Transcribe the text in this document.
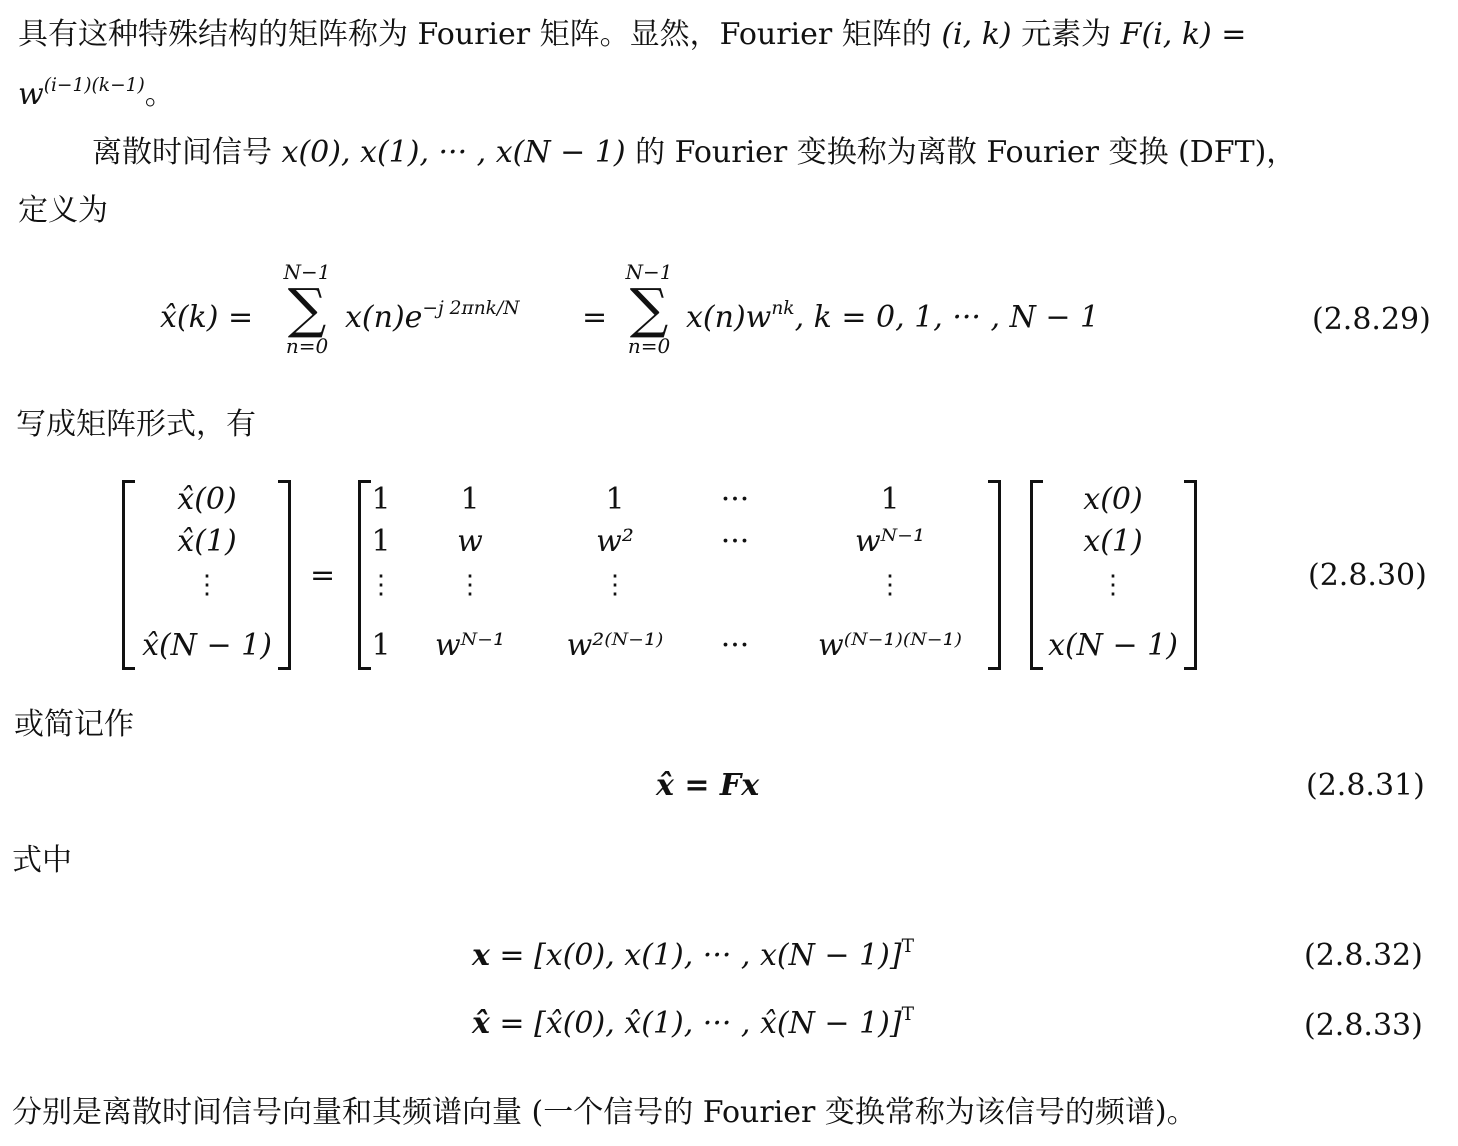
具有这种特殊结构的矩阵称为 Fourier 矩阵。显然，Fourier 矩阵的 (i, k) 元素为 F(i, k) =
$w^{(i-1)(k-1)}$。
离散时间信号 x(0), x(1), ··· , x(N − 1) 的 Fourier 变换称为离散 Fourier 变换 (DFT)，
定义为
x̂(k) =
N−1
∑
n=0
$x(n)e^{-j 2\pi nk/N}$ =
N−1
∑
n=0
$x(n)w^{nk}$, k = 0, 1, ··· , N − 1	(2.8.29)
写成矩阵形式，有
x̂(0)
x̂(1)
⋮
x̂(N − 1)
=
1	1	1	···	1
1	w	w²	···	wᴺ⁻¹
⋮	⋮	⋮	⋮
1	wᴺ⁻¹	w²⁽ᴺ⁻¹⁾	···	w⁽ᴺ⁻¹⁾⁽ᴺ⁻¹⁾
x(0)
x(1)
⋮
x(N − 1)
(2.8.30)
或简记作
x̂ = Fx	(2.8.31)
式中
x = [x(0), x(1), ··· , x(N − 1)]$^T$	(2.8.32)
x̂ = [x̂(0), x̂(1), ··· , x̂(N − 1)]$^T$	(2.8.33)
分别是离散时间信号向量和其频谱向量 (一个信号的 Fourier 变换常称为该信号的频谱)。
